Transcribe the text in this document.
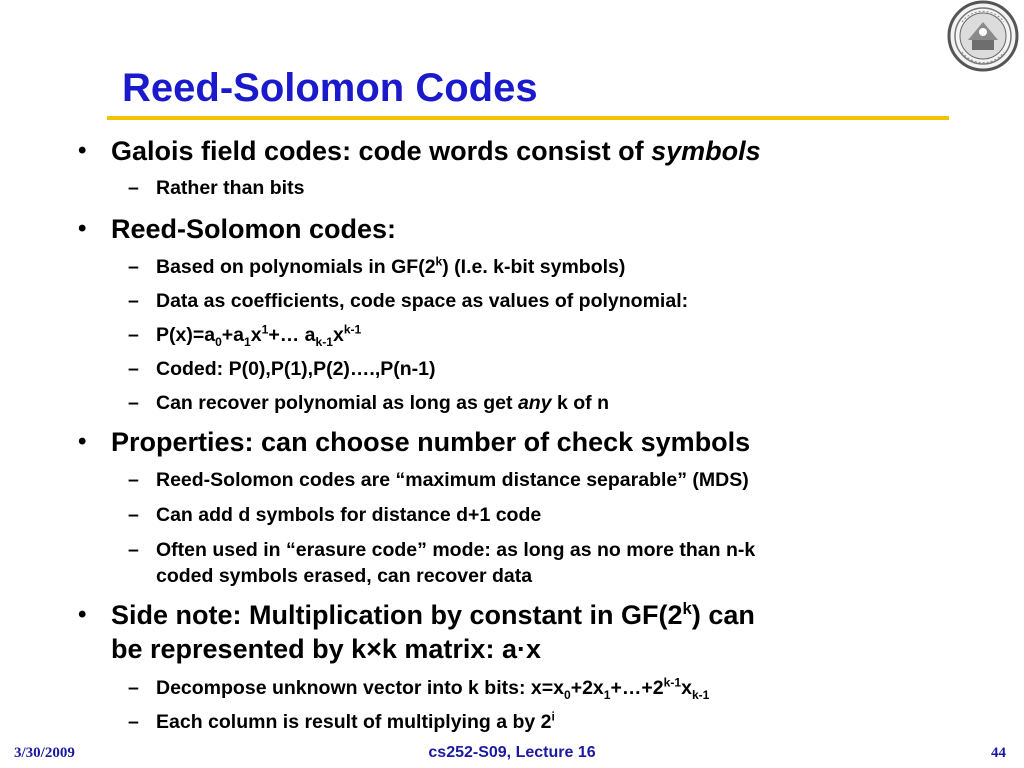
Reed-Solomon Codes
• Galois field codes: code words consist of symbols
– Rather than bits
• Reed-Solomon codes:
– Based on polynomials in GF(2$^k$) (I.e. k-bit symbols)
– Data as coefficients, code space as values of polynomial:
– $P(x)=a_0+a_1x^1+\dots$ $a_{k-1}x^{k-1}$
– Coded: P(0),P(1),P(2)….,P(n-1)
– Can recover polynomial as long as get any k of n
• Properties: can choose number of check symbols
– Reed-Solomon codes are “maximum distance separable” (MDS)
– Can add d symbols for distance d+1 code
– Often used in “erasure code” mode: as long as no more than n-k
coded symbols erased, can recover data
• Side note: Multiplication by constant in GF(2$^k$) can
be represented by k×k matrix: a·x
– Decompose unknown vector into k bits: $x=x_0+2x_1+\dots+2^{k-1}x_{k-1}$
– Each column is result of multiplying a by 2$^i$
3/30/2009	cs252-S09, Lecture 16	44
